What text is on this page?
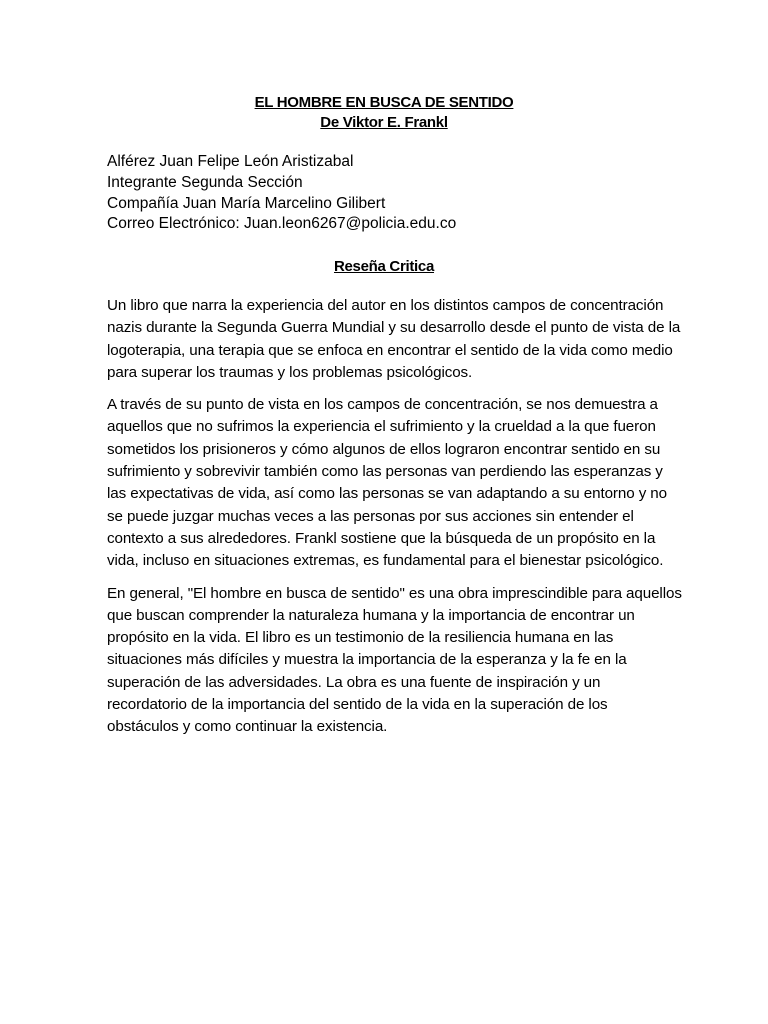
EL HOMBRE EN BUSCA DE SENTIDO
De Viktor E. Frankl
Alférez Juan Felipe León Aristizabal
Integrante Segunda Sección
Compañía Juan María Marcelino Gilibert
Correo Electrónico: Juan.leon6267@policia.edu.co
Reseña Critica

Un libro que narra la experiencia del autor en los distintos campos de concentración
nazis durante la Segunda Guerra Mundial y su desarrollo desde el punto de vista de la
logoterapia, una terapia que se enfoca en encontrar el sentido de la vida como medio
para superar los traumas y los problemas psicológicos.

A través de su punto de vista en los campos de concentración, se nos demuestra a
aquellos que no sufrimos la experiencia el sufrimiento y la crueldad a la que fueron
sometidos los prisioneros y cómo algunos de ellos lograron encontrar sentido en su
sufrimiento y sobrevivir también como las personas van perdiendo las esperanzas y
las expectativas de vida, así como las personas se van adaptando a su entorno y no
se puede juzgar muchas veces a las personas por sus acciones sin entender el
contexto a sus alrededores. Frankl sostiene que la búsqueda de un propósito en la
vida, incluso en situaciones extremas, es fundamental para el bienestar psicológico.

En general, "El hombre en busca de sentido" es una obra imprescindible para aquellos
que buscan comprender la naturaleza humana y la importancia de encontrar un
propósito en la vida. El libro es un testimonio de la resiliencia humana en las
situaciones más difíciles y muestra la importancia de la esperanza y la fe en la
superación de las adversidades. La obra es una fuente de inspiración y un
recordatorio de la importancia del sentido de la vida en la superación de los
obstáculos y como continuar la existencia.
